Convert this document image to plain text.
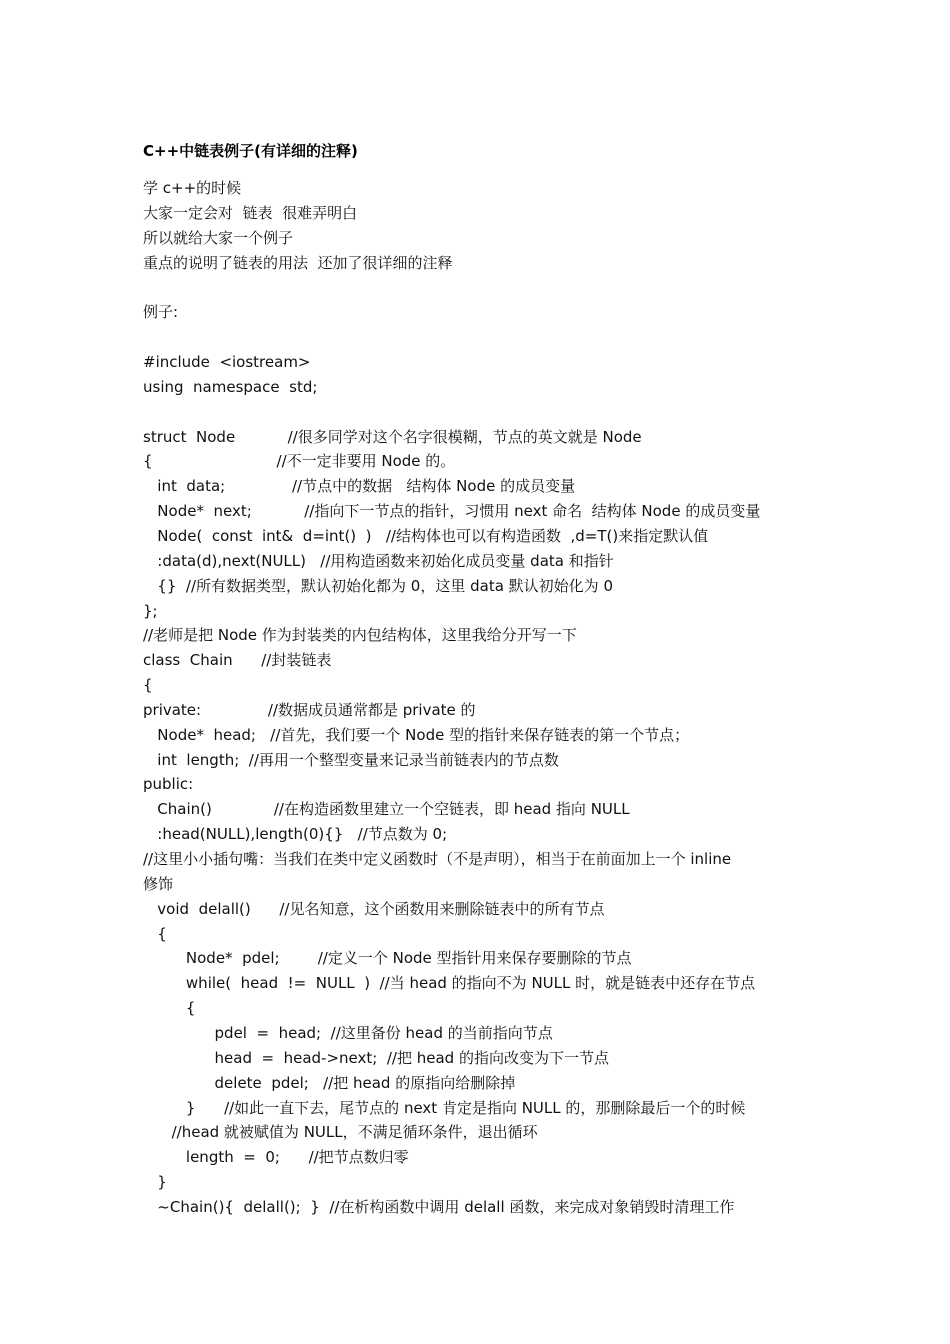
C++中链表例子(有详细的注释)
学 c++的时候
大家一定会对  链表  很难弄明白
所以就给大家一个例子
重点的说明了链表的用法  还加了很详细的注释
例子:
#include  <iostream>
using  namespace  std;
struct  Node           //很多同学对这个名字很模糊，节点的英文就是 Node
{                          //不一定非要用 Node 的。
int  data;              //节点中的数据   结构体 Node 的成员变量
Node*  next;           //指向下一节点的指针，习惯用 next 命名  结构体 Node 的成员变量
Node(  const  int&  d=int()  )   //结构体也可以有构造函数  ,d=T()来指定默认值
:data(d),next(NULL)   //用构造函数来初始化成员变量 data 和指针
{}  //所有数据类型，默认初始化都为 0，这里 data 默认初始化为 0
};
//老师是把 Node 作为封装类的内包结构体，这里我给分开写一下
class  Chain      //封装链表
{
private:              //数据成员通常都是 private 的
Node*  head;   //首先，我们要一个 Node 型的指针来保存链表的第一个节点；
int  length;  //再用一个整型变量来记录当前链表内的节点数
public:
Chain()             //在构造函数里建立一个空链表，即 head 指向 NULL
:head(NULL),length(0){}   //节点数为 0;
//这里小小插句嘴：当我们在类中定义函数时（不是声明），相当于在前面加上一个 inline
修饰
void  delall()      //见名知意，这个函数用来删除链表中的所有节点
{
Node*  pdel;        //定义一个 Node 型指针用来保存要删除的节点
while(  head  !=  NULL  )  //当 head 的指向不为 NULL 时，就是链表中还存在节点
{
pdel  =  head;  //这里备份 head 的当前指向节点
head  =  head->next;  //把 head 的指向改变为下一节点
delete  pdel;   //把 head 的原指向给删除掉
}      //如此一直下去，尾节点的 next 肯定是指向 NULL 的，那删除最后一个的时候
//head 就被赋值为 NULL，不满足循环条件，退出循环
length  =  0;      //把节点数归零
}
~Chain(){  delall();  }  //在析构函数中调用 delall 函数，来完成对象销毁时清理工作
